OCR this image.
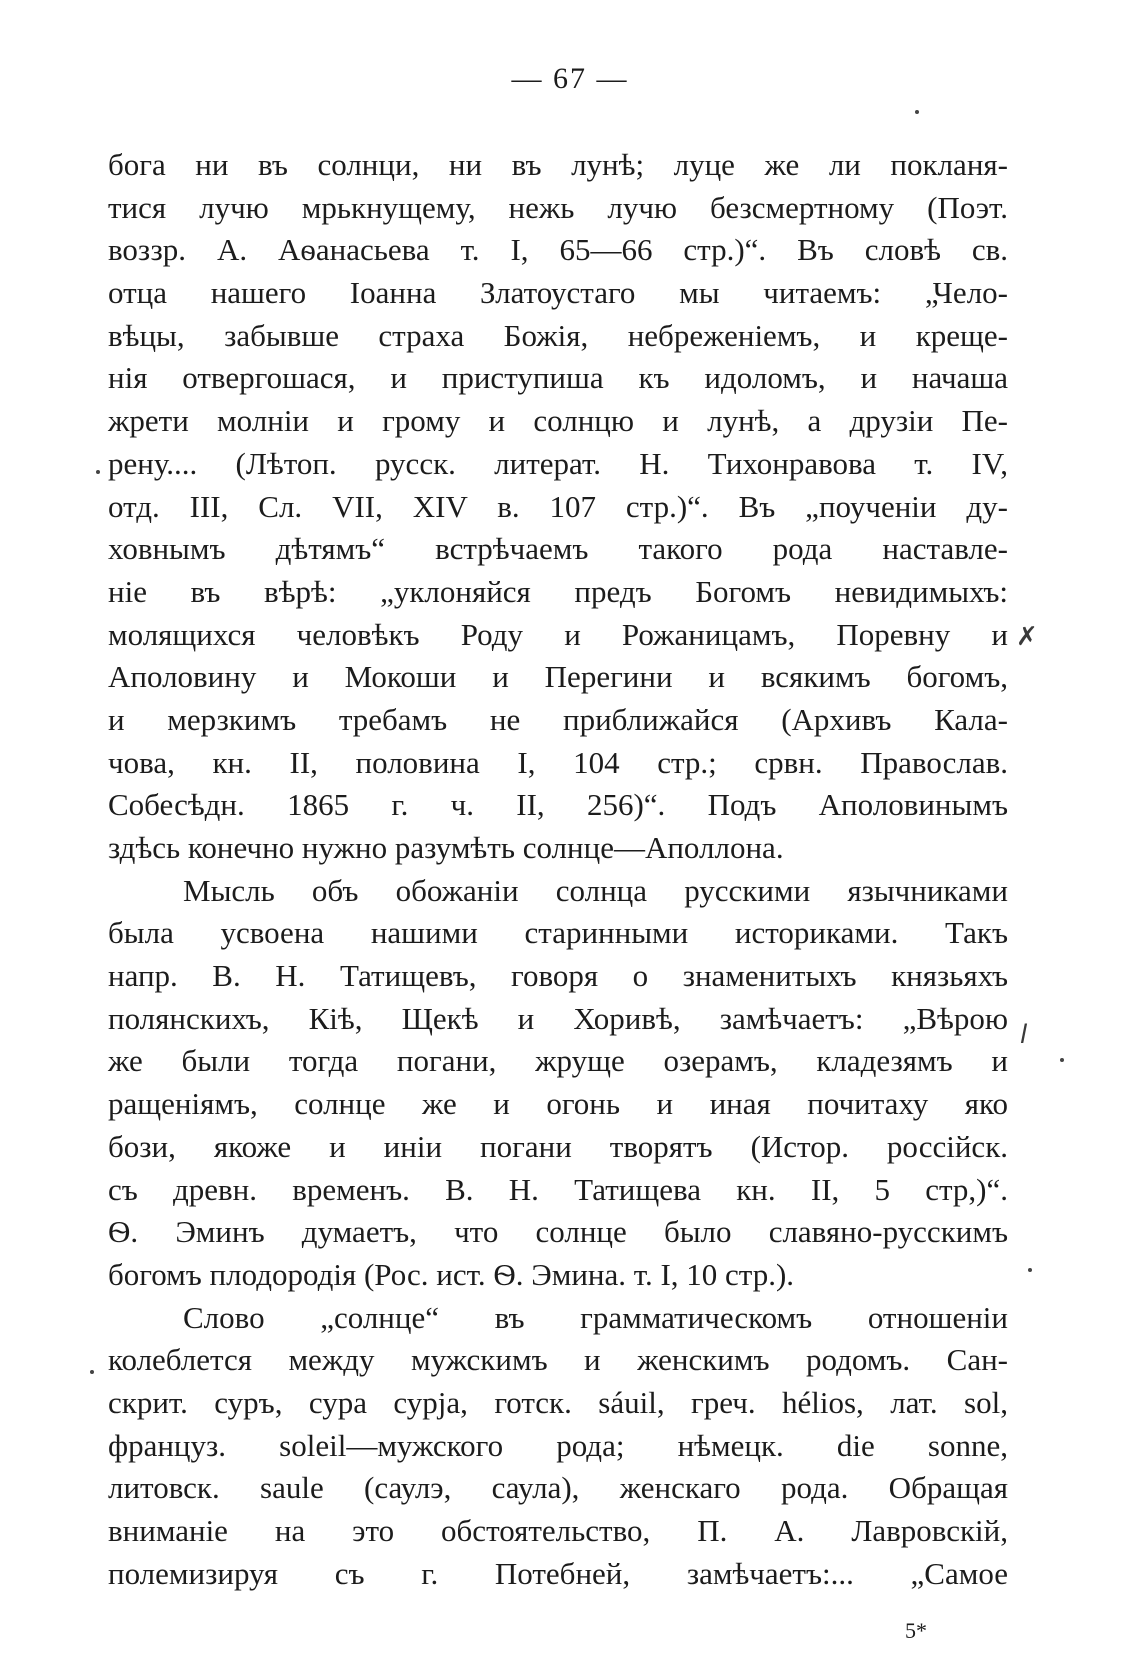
— 67 —
бога ни въ солнци, ни въ лунѣ; луце же ли покланя-
тися лучю мрькнущему, нежь лучю безсмертному (Поэт.
воззр. А. Аѳанасьева т. I, 65—66 стр.)“. Въ словѣ св.
отца нашего Іоанна Златоустаго мы читаемъ: „Чело-
вѣцы, забывше страха Божія, небреженіемъ, и креще-
нія отвергошася, и приступиша къ идоломъ, и начаша
жрети молніи и грому и солнцю и лунѣ, а друзіи Пе-
рену.... (Лѣтоп. русск. литерат. Н. Тихонравова т. IV,
отд. III, Сл. VII, XIV в. 107 стр.)“. Въ „поученіи ду-
ховнымъ дѣтямъ“ встрѣчаемъ такого рода наставле-
ніе въ вѣрѣ: „уклоняйся предъ Богомъ невидимыхъ:
молящихся человѣкъ Роду и Рожаницамъ, Поревну и
Аполовину и Мокоши и Перегини и всякимъ богомъ,
и мерзкимъ требамъ не приближайся (Архивъ Кала-
чова, кн. II, половина I, 104 стр.; срвн. Православ.
Собесѣдн. 1865 г. ч. II, 256)“. Подъ Аполовинымъ
здѣсь конечно нужно разумѣть солнце—Аполлона.
Мысль объ обожаніи солнца русскими язычниками
была усвоена нашими старинными историками. Такъ
напр. В. Н. Татищевъ, говоря о знаменитыхъ князьяхъ
полянскихъ, Кіѣ, Щекѣ и Хоривѣ, замѣчаетъ: „Вѣрою
же были тогда погани, жруще озерамъ, кладезямъ и
ращеніямъ, солнце же и огонь и иная почитаху яко
бози, якоже и иніи погани творятъ (Истор. россійск.
съ древн. временъ. В. Н. Татищева кн. II, 5 стр,)“.
Ѳ. Эминъ думаетъ, что солнце было славяно-русскимъ
богомъ плодородія (Рос. ист. Ѳ. Эмина. т. I, 10 стр.).
Слово „солнце“ въ грамматическомъ отношеніи
колеблется между мужскимъ и женскимъ родомъ. Сан-
скрит. суръ, сура сурjа, готск. sáuil, греч. hélios, лат. sol,
француз. soleil—мужского рода; нѣмецк. die sonne,
литовск. saule (саулэ, саула), женскаго рода. Обращая
вниманіе на это обстоятельство, П. А. Лавровскій,
полемизируя съ г. Потебней, замѣчаетъ:... „Самое
5*
✗
l
